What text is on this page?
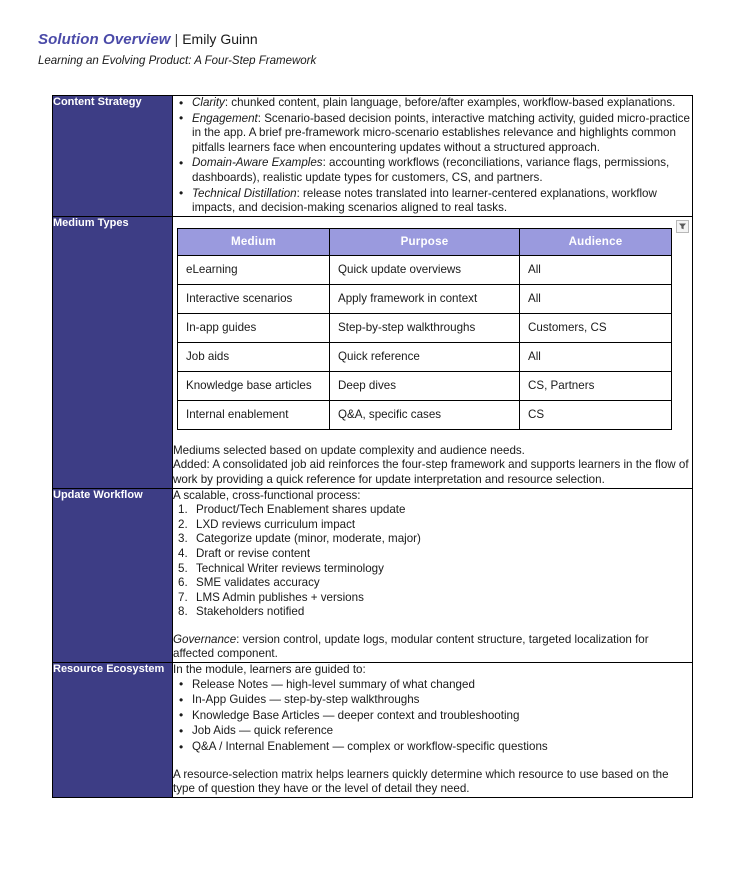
Solution Overview | Emily Guinn
Learning an Evolving Product: A Four-Step Framework
Content Strategy	
•Clarity: chunked content, plain language, before/after examples, workflow-based explanations.
• Engagement: Scenario-based decision points, interactive matching activity, guided micro-practice in the app. A brief pre-framework micro-scenario establishes relevance and highlights common pitfalls learners face when encountering updates without a structured approach.
• Domain-Aware Examples: accounting workflows (reconciliations, variance flags, permissions, dashboards), realistic update types for customers, CS, and partners.
• Technical Distillation: release notes translated into learner-centered explanations, workflow impacts, and decision-making scenarios aligned to real tasks.

Medium Types	
Medium	Purpose	Audience
eLearning	Quick update overviews	All
Interactive scenarios	Apply framework in context	All
In-app guides	Step-by-step walkthroughs	Customers, CS
Job aids	Quick reference	All
Knowledge base articles	Deep dives	CS, Partners
Internal enablement	Q&A, specific cases	CS
Mediums selected based on update complexity and audience needs.
Added: A consolidated job aid reinforces the four-step framework and supports learners in the flow of work by providing a quick reference for update interpretation and resource selection.

Update Workflow	A scalable, cross-functional process:
Product/Tech Enablement shares update
LXD reviews curriculum impact
Categorize update (minor, moderate, major)
Draft or revise content
Technical Writer reviews terminology
SME validates accuracy
LMS Admin publishes + versions
Stakeholders notified
Governance: version control, update logs, modular content structure, targeted localization for affected component.

Resource Ecosystem	In the module, learners are guided to:
• Release Notes — high-level summary of what changed
• In-App Guides — step-by-step walkthroughs
• Knowledge Base Articles — deeper context and troubleshooting
• Job Aids — quick reference
• Q&A / Internal Enablement — complex or workflow-specific questions
A resource-selection matrix helps learners quickly determine which resource to use based on the type of question they have or the level of detail they need.
